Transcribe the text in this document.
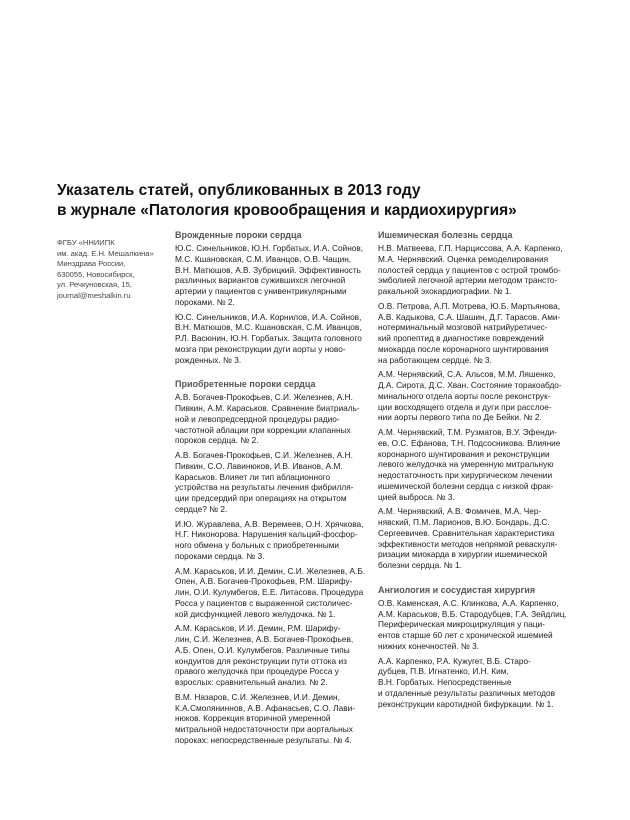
Указатель статей, опубликованных в 2013 году
в журнале «Патология кровообращения и кардиохирургия»
ФГБУ «ННИИПК
им. акад. Е.Н. Мешалкина»
Минздрава России,
630055, Новосибирск,
ул. Речкуновская, 15,
journal@meshalkin.ru
Врожденные пороки сердца
Ю.С. Синельников, Ю.Н. Горбатых, И.А. Сойнов,
М.С. Кшановская, С.М. Иванцов, О.В. Чащин,
В.Н. Матюшов, А.В. Зубрицкий. Эффективность
различных вариантов сужившихся легочной
артерии у пациентов с унивентрикулярными
пороками. № 2.
Ю.С. Синельников, И.А. Корнилов, И.А. Сойнов,
В.Н. Матюшов, М.С. Кшановская, С.М. Иванцов,
Р.Л. Васюнин, Ю.Н. Горбатых. Защита головного
мозга при реконструкции дуги аорты у ново-
рожденных. № 3.
Приобретенные пороки сердца
А.В. Богачев-Прокофьев, С.И. Железнев, А.Н.
Пивкин, А.М. Караськов. Сравнение биатриаль-
ной и левопредсердной процедуры радио-
частотной аблации при коррекции клапанных
пороков сердца. № 2.
А.В. Богачев-Прокофьев, С.И. Железнев, А.Н.
Пивкин, С.О. Лавинюков, И.В. Иванов, А.М.
Караськов. Влияет ли тип аблационного
устройства на результаты лечения фибрилля-
ции предсердий при операциях на открытом
сердце? № 2.
И.Ю. Журавлева, А.В. Веремеев, О.Н. Хрячкова,
Н.Г. Никонорова. Нарушения кальций-фосфор-
ного обмена у больных с приобретенными
пороками сердца. № 3.
А.М. Караськов, И.И. Демин, С.И. Железнев, А.Б.
Опен, А.В. Богачев-Прокофьев, Р.М. Шарифу-
лин, О.И. Кулумбегов, Е.Е. Литасова. Процедура
Росса у пациентов с выраженной систоличес-
кой дисфункцией левого желудочка. № 1.
А.М. Караськов, И.И. Демин, Р.М. Шарифу-
лин, С.И. Железнев, А.В. Богачев-Прокофьев,
А.Б. Опен, О.И. Кулумбегов. Различные типы
кондуитов для реконструкции пути оттока из
правого желудочка при процедуре Росса у
взрослых: сравнительный анализ. № 2.
В.М. Назаров, С.И. Железнев, И.И. Демин,
К.А.Смоляниннов, А.В. Афанасьев, С.О. Лави-
нюков. Коррекция вторичной умеренной
митральной недостаточности при аортальных
пороках: непосредственные результаты. № 4.
Ишемическая болезнь сердца
Н.В. Матвеева, Г.П. Нарциссова, А.А. Карпенко,
М.А. Чернявский. Оценка ремоделирования
полостей сердца у пациентов с острой тромбо-
эмболией легочной артерии методом трансто-
ракальной эхокардиографии. № 1.
О.В. Петрова, А.П. Мотрева, Ю.Б. Мартьянова,
А.В. Кадыкова, С.А. Шашин, Д.Г. Тарасов. Ами-
нотерминальный мозговой натрийуретичес-
кий пропептид в диагностике повреждений
миокарда после коронарного шунтирования
на работающем сердце. № 3.
А.М. Чернявский, С.А. Альсов, М.М. Ляшенко,
Д.А. Сирота, Д.С. Хван. Состояние торакоабдо-
минального отдела аорты после реконструк-
ции восходящего отдела и дуги при расслое-
нии аорты первого типа по Де Бейки. № 2.
А.М. Чернявский, Т.М. Рузматов, В.У. Эфенди-
ев, О.С. Ефанова, Т.Н. Подсосникова. Влияние
коронарного шунтирования и реконструкции
левого желудочка на умеренную митральную
недостаточность при хирургическом лечении
ишемической болезни сердца с низкой фрак-
цией выброса. № 3.
А.М. Чернявский, А.В. Фомичев, М.А. Чер-
нявский, П.М. Ларионов, В.Ю. Бондарь, Д.С.
Сергеевичев. Сравнительная характеристика
эффективности методов непрямой реваскуля-
ризации миокарда в хирургии ишемической
болезни сердца. № 1.
Ангиология и сосудистая хирургия
О.В. Каменская, А.С. Клинкова, А.А. Карпенко,
А.М. Караськов, В.Б. Стародубцев, Г.А. Зейдлиц.
Периферическая микроциркуляция у паци-
ентов старше 60 лет с хронической ишемией
нижних конечностей. № 3.
А.А. Карпенко, Р.А. Кужугет, В.Б. Старо-
дубцев, П.В. Игнатенко, И.Н. Ким,
В.Н. Горбатых. Непосредственные
и отдаленные результаты различных методов
реконструкции каротидной бифуркации. № 1.
